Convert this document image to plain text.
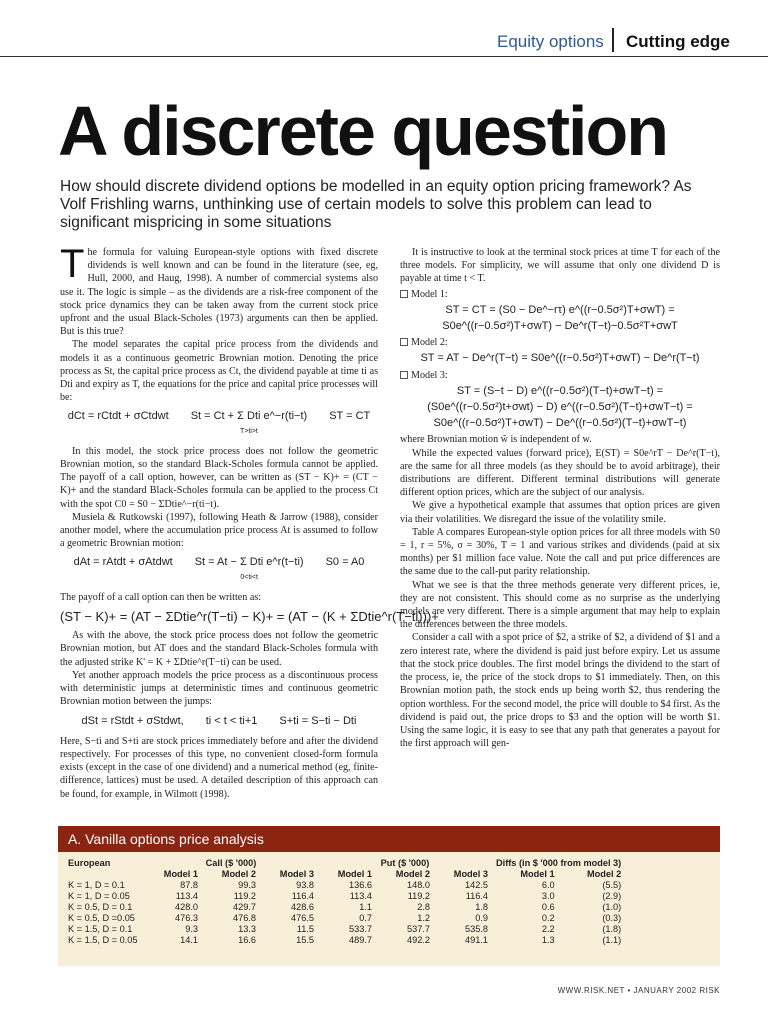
Equity options Cutting edge
A discrete question
How should discrete dividend options be modelled in an equity option pricing framework? As Volf Frishling warns, unthinking use of certain models to solve this problem can lead to significant mispricing in some situations

The formula for valuing European-style options with fixed discrete dividends is well known and can be found in the literature (see, eg, Hull, 2000, and Haug, 1998). A number of commercial systems also use it. The logic is simple – as the dividends are a risk-free component of the stock price dynamics they can be taken away from the current stock price upfront and the usual Black-Scholes (1973) arguments can then be applied. But is this true?

The model separates the capital price process from the dividends and models it as a continuous geometric Brownian motion. Denoting the price process as St, the capital price process as Ct, the dividend payable at time ti as Dti and expiry as T, the equations for the price and capital price processes will be:

dCt = rCtdt + σCtdwt St = Ct + Σ Dti e^−r(ti−t)
T>ti>t
ST = CT

In this model, the stock price process does not follow the geometric Brownian motion, so the standard Black-Scholes formula cannot be applied. The payoff of a call option, however, can be written as (ST − K)+ = (CT − K)+ and the standard Black-Scholes formula can be applied to the process Ct with the spot C0 = S0 − ΣDtie^−r(ti−t).

Musiela & Rutkowski (1997), following Heath & Jarrow (1988), consider another model, where the accumulation price process At is assumed to follow a geometric Brownian motion:

dAt = rAtdt + σAtdwt St = At − Σ Dti e^r(t−ti)
0<ti<t
S0 = A0

The payoff of a call option can then be written as:

(ST − K)+ = (AT − ΣDtie^r(T−ti) − K)+ = (AT − (K + ΣDtie^r(T−ti)))+

As with the above, the stock price process does not follow the geometric Brownian motion, but AT does and the standard Black-Scholes formula with the adjusted strike K' = K + ΣDtie^r(T−ti) can be used.

Yet another approach models the price process as a discontinuous process with deterministic jumps at deterministic times and continuous geometric Brownian motion between the jumps:

dSt = rStdt + σStdwt, ti < t < ti+1 S+ti = S−ti − Dti

Here, S−ti and S+ti are stock prices immediately before and after the dividend respectively. For processes of this type, no convenient closed-form formula exists (except in the case of one dividend) and a numerical method (eg, finite-difference, lattices) must be used. A detailed description of this approach can be found, for example, in Wilmott (1998).

It is instructive to look at the terminal stock prices at time T for each of the three models. For simplicity, we will assume that only one dividend D is payable at time t < T.

Model 1:
ST = CT = (S0 − De^−rτ) e^((r−0.5σ²)T+σwT) =
S0e^((r−0.5σ²)T+σwT) − De^r(T−t)−0.5σ²T+σwT
Model 2:
ST = AT − De^r(T−t) = S0e^((r−0.5σ²)T+σwT) − De^r(T−t)
Model 3:
ST = (S−t − D) e^((r−0.5σ²)(T−t)+σwT−t) =
(S0e^((r−0.5σ²)t+σwt) − D) e^((r−0.5σ²)(T−t)+σwT−t) =
S0e^((r−0.5σ²)T+σwT) − De^((r−0.5σ²)(T−t)+σwT−t)

where Brownian motion w̃ is independent of w.

While the expected values (forward price), E(ST) = S0e^rT − De^r(T−t), are the same for all three models (as they should be to avoid arbitrage), their distributions are different. Different terminal distributions will generate different option prices, which are the subject of our analysis.

We give a hypothetical example that assumes that option prices are given via their volatilities. We disregard the issue of the volatility smile.

Table A compares European-style option prices for all three models with S0 = 1, r = 5%, σ = 30%, T = 1 and various strikes and dividends (paid at six months) per $1 million face value. Note the call and put price differences are the same due to the call-put parity relationship.

What we see is that the three methods generate very different prices, ie, they are not consistent. This should come as no surprise as the underlying models are very different. There is a simple argument that may help to explain the differences between the three models.

Consider a call with a spot price of $2, a strike of $2, a dividend of $1 and a zero interest rate, where the dividend is paid just before expiry. Let us assume that the stock price doubles. The first model brings the dividend to the start of the process, ie, the price of the stock drops to $1 immediately. Then, on this Brownian motion path, the stock ends up being worth $2, thus rendering the option worthless. For the second model, the price will double to $4 first. As the dividend is paid out, the price drops to $3 and the option will be worth $1. Using the same logic, it is easy to see that any path that generates a payout for the first approach will gen-

A. Vanilla options price analysis
European	Call ($ '000)			Put ($ '000)			Diffs (in $ '000 from model 3)	
	Model 1	Model 2	Model 3	Model 1	Model 2	Model 3	Model 1	Model 2
K = 1, D = 0.1	87.8	99.3	93.8	136.6	148.0	142.5	6.0	(5.5)
K = 1, D = 0.05	113.4	119.2	116.4	113.4	119.2	116.4	3.0	(2.9)
K = 0.5, D = 0.1	428.0	429.7	428.6	1.1	2.8	1.8	0.6	(1.0)
K = 0.5, D =0.05	476.3	476.8	476.5	0.7	1.2	0.9	0.2	(0.3)
K = 1.5, D = 0.1	9.3	13.3	11.5	533.7	537.7	535.8	2.2	(1.8)
K = 1.5, D = 0.05	14.1	16.6	15.5	489.7	492.2	491.1	1.3	(1.1)
WWW.RISK.NET • JANUARY 2002 RISK
